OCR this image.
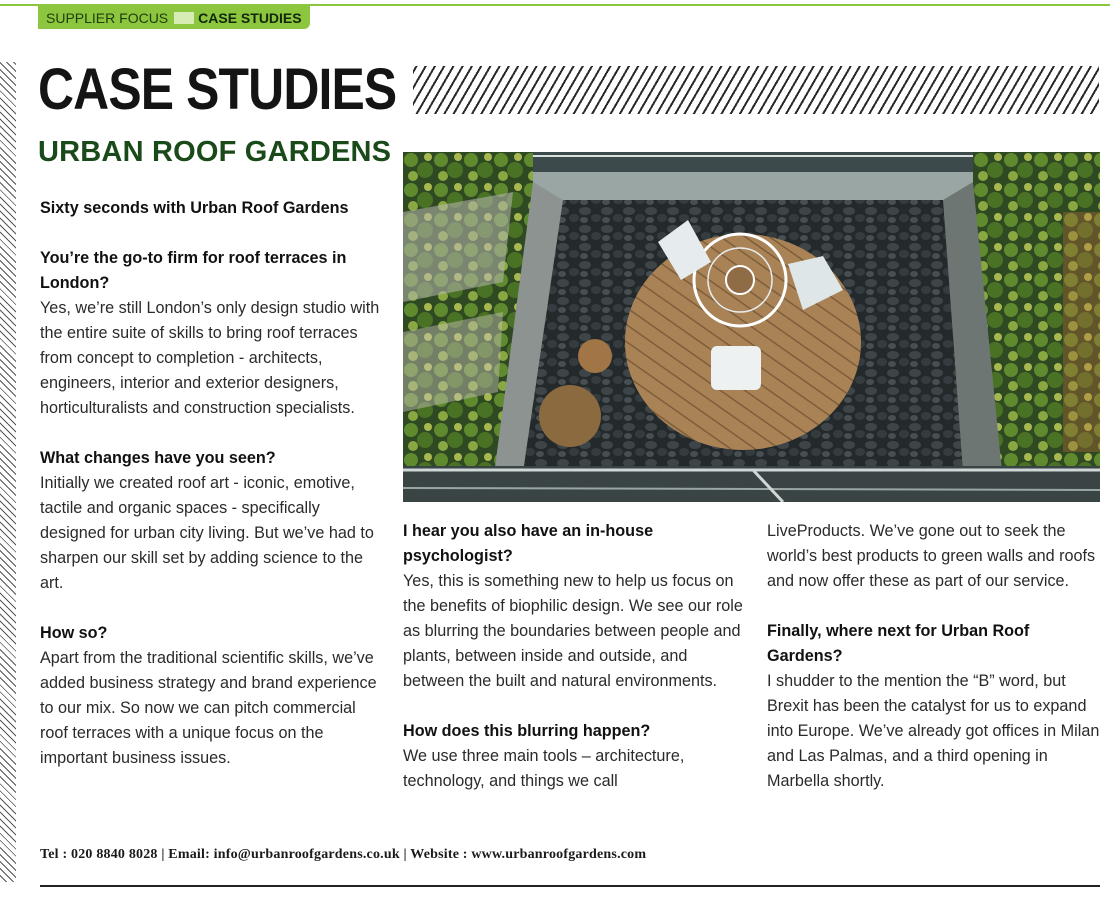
SUPPLIER FOCUS CASE STUDIES
CASE STUDIES
URBAN ROOF GARDENS
Sixty seconds with Urban Roof Gardens
You’re the go-to firm for roof terraces in London?
Yes, we’re still London’s only design studio with the entire suite of skills to bring roof terraces from concept to completion - architects, engineers, interior and exterior designers, horticulturalists and construction specialists.
What changes have you seen?
Initially we created roof art - iconic, emotive, tactile and organic spaces - specifically designed for urban city living. But we’ve had to sharpen our skill set by adding science to the art.
How so?
Apart from the traditional scientific skills, we’ve added business strategy and brand experience to our mix. So now we can pitch commercial roof terraces with a unique focus on the important business issues.
I hear you also have an in-house psychologist?
Yes, this is something new to help us focus on the benefits of biophilic design. We see our role as blurring the boundaries between people and plants, between inside and outside, and between the built and natural environments.
How does this blurring happen?
We use three main tools – architecture, technology, and things we call
LiveProducts. We’ve gone out to seek the world’s best products to green walls and roofs and now offer these as part of our service.
Finally, where next for Urban Roof Gardens?
I shudder to the mention the “B” word, but Brexit has been the catalyst for us to expand into Europe. We’ve already got offices in Milan and Las Palmas, and a third opening in Marbella shortly.
Tel : 020 8840 8028 | Email: info@urbanroofgardens.co.uk | Website : www.urbanroofgardens.com
